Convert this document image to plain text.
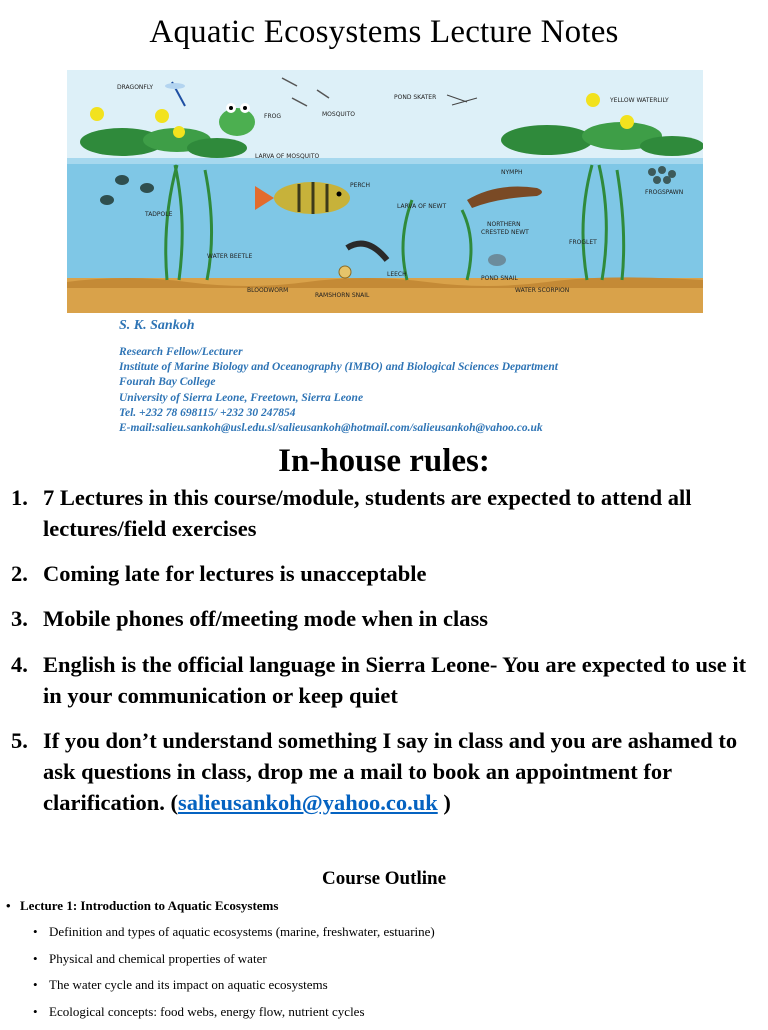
Aquatic Ecosystems Lecture Notes
DRAGONFLY
FROG	MOSQUITO
LARVA OF MOSQUITO
POND SKATER	YELLOW WATERLILY
NYMPH
FROGSPAWN
PERCH
LARVA OF NEWT
NORTHERN
CRESTED NEWT
TADPOLE
WATER BEETLE
FROGLET
LEECH
POND SNAIL
BLOODWORM
RAMSHORN SNAIL
WATER SCORPION
S. K. Sankoh
Research Fellow/Lecturer
Institute of Marine Biology and Oceanography (IMBO) and Biological Sciences Department
Fourah Bay College
University of Sierra Leone, Freetown, Sierra Leone
Tel. +232 78 698115/ +232 30 247854
E-mail:salieu.sankoh@usl.edu.sl/salieusankoh@hotmail.com/salieusankoh@vahoo.co.uk
In-house rules:
1. 7 Lectures in this course/module, students are expected to attend all lectures/field exercises
2. Coming late for lectures is unacceptable
3. Mobile phones off/meeting mode when in class
4. English is the official language in Sierra Leone- You are expected to use it in your communication or keep quiet
5. If you don’t understand something I say in class and you are ashamed to ask questions in class, drop me a mail to book an appointment for clarification. (salieusankoh@yahoo.co.uk )
Course Outline
• Lecture 1: Introduction to Aquatic Ecosystems
• Definition and types of aquatic ecosystems (marine, freshwater, estuarine)
• Physical and chemical properties of water
• The water cycle and its impact on aquatic ecosystems
• Ecological concepts: food webs, energy flow, nutrient cycles
